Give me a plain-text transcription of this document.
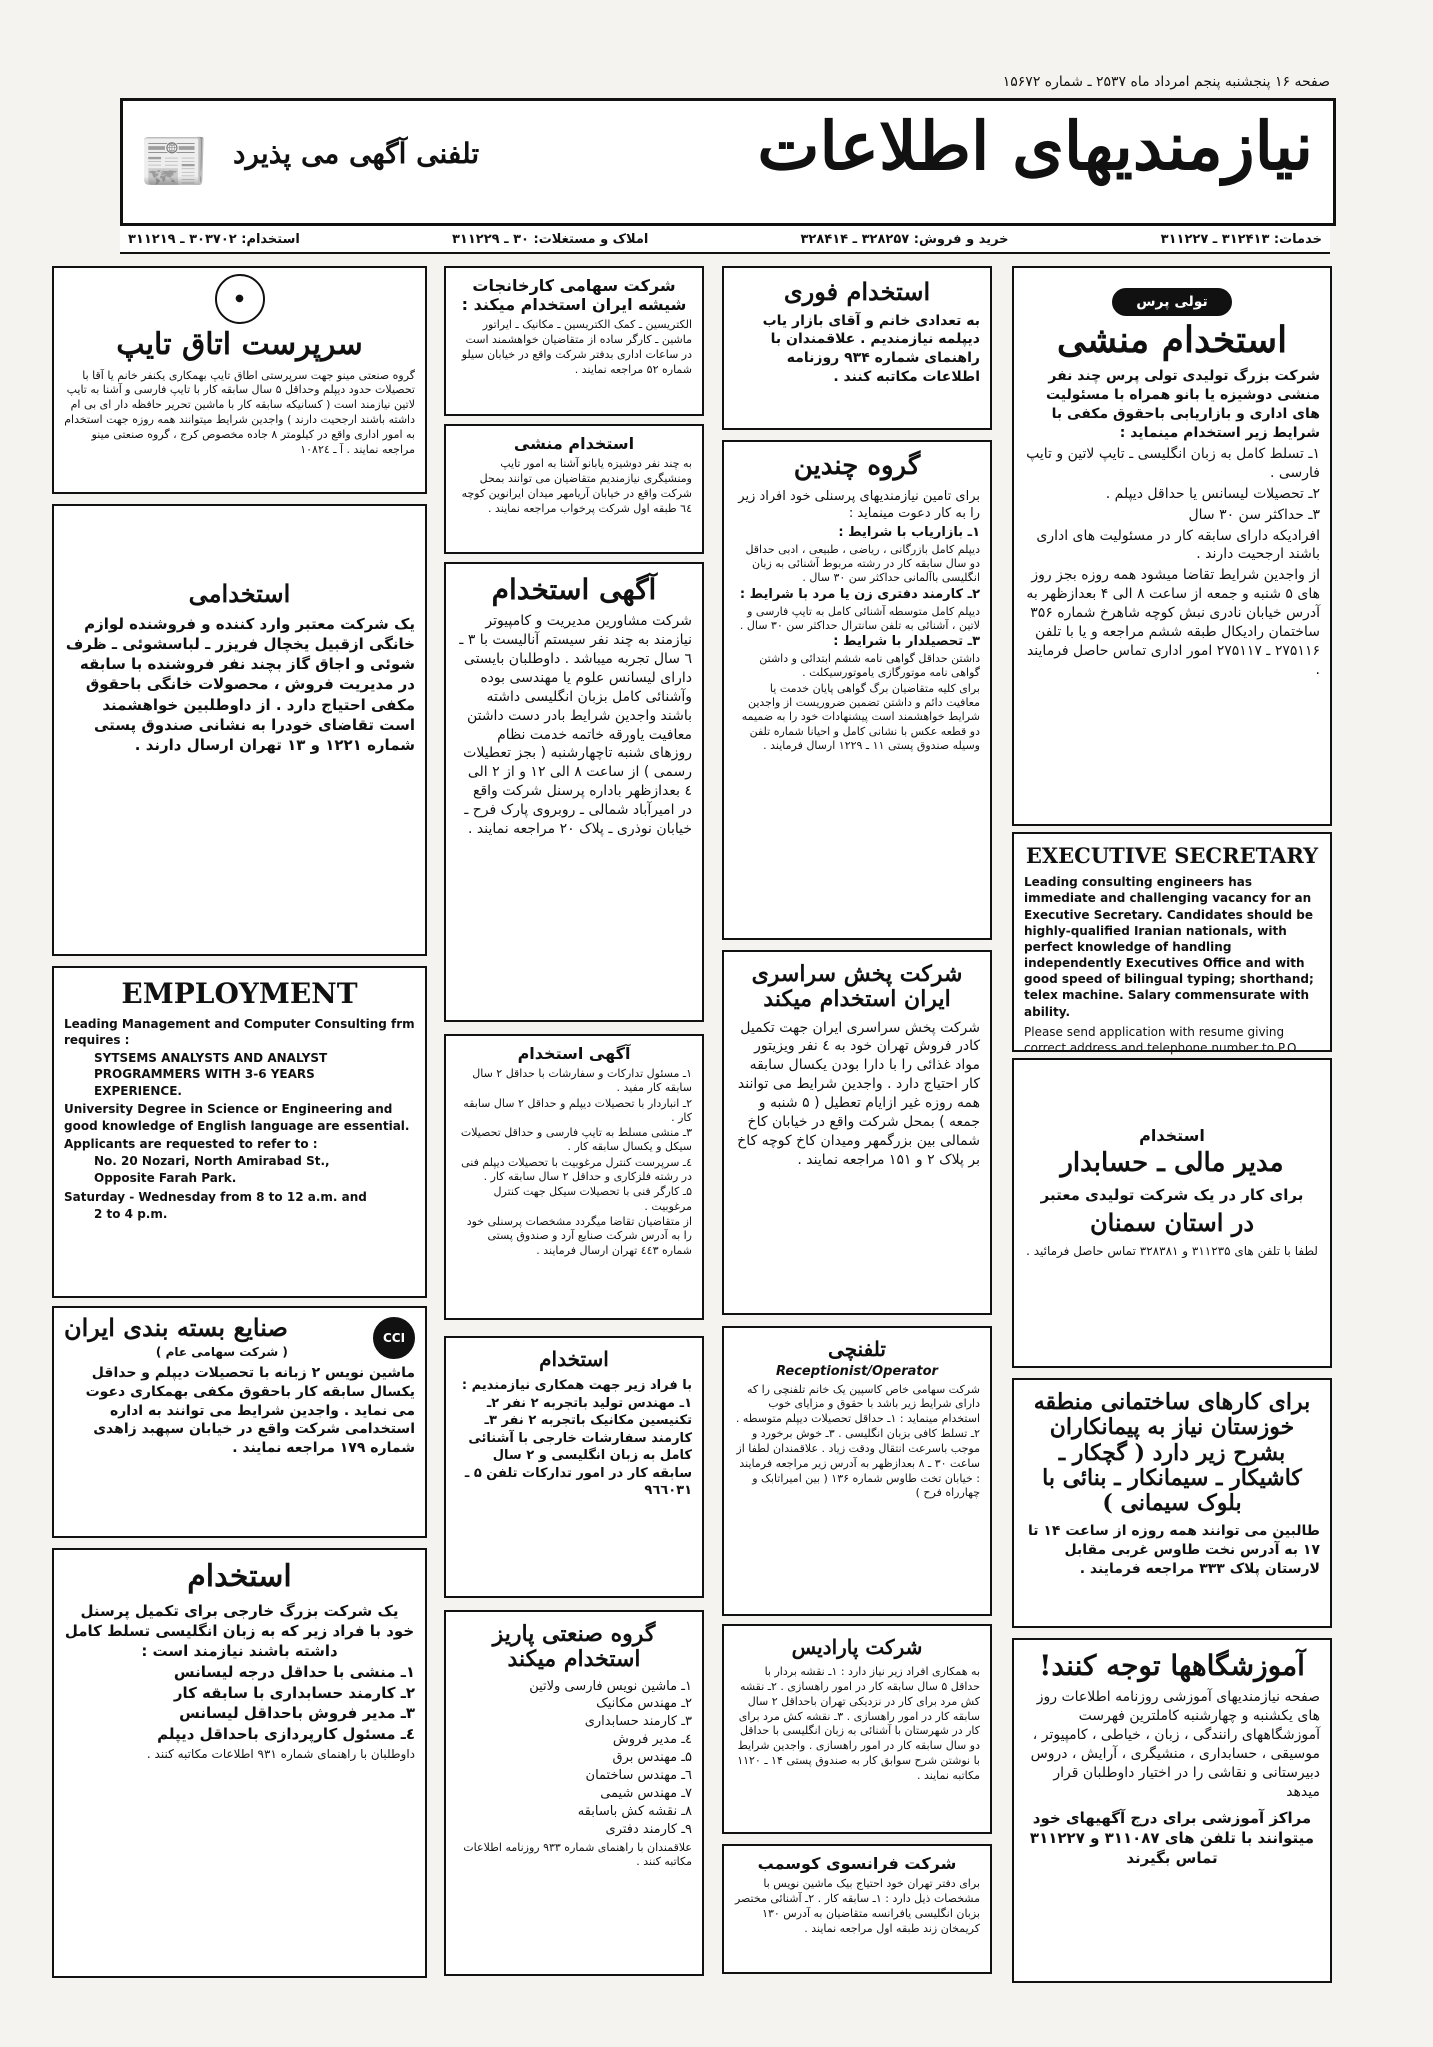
صفحه ۱۶ پنجشنبه پنجم امرداد ماه ۲۵۳۷ ـ شماره ۱۵۶۷۲
نیازمندیهای اطلاعات
تلفنی آگهی می پذیرد
📰
استخدام: ۳۰۳۷۰۲ ـ ۳۱۱۲۱۹	املاک و مستغلات: ۳۰ ـ ۳۱۱۲۲۹	خرید و فروش: ۳۲۸۲۵۷ ـ ۳۲۸۴۱۴	خدمات: ۳۱۲۴۱۳ ـ ۳۱۱۲۲۷
تولی پرس
استخدام منشی

شرکت بزرگ تولیدی تولی پرس چند نفر منشی دوشیزه یا بانو همراه با مسئولیت های اداری و بازاریابی باحقوق مکفی با شرایط زیر استخدام مینماید :

۱ـ تسلط کامل به زبان انگلیسی ـ تایپ لاتین و تایپ فارسی .

۲ـ تحصیلات لیسانس یا حداقل دیپلم .

۳ـ حداکثر سن ۳۰ سال

افرادیکه دارای سابقه کار در مسئولیت های اداری باشند ارجحیت دارند .

از واجدین شرایط تقاضا میشود همه روزه بجز روز های ۵ شنبه و جمعه از ساعت ۸ الی ۴ بعدازظهر به آدرس خیابان نادری نبش کوچه شاهرخ شماره ۳۵۶ ساختمان رادیکال طبقه ششم مراجعه و یا با تلفن ۲۷۵۱۱۶ ـ ۲۷۵۱۱۷ امور اداری تماس حاصل فرمایند .

EXECUTIVE SECRETARY

Leading consulting engineers has immediate and challenging vacancy for an Executive Secretary. Candidates should be highly-qualified Iranian nationals, with perfect knowledge of handling independently Executives Office and with good speed of bilingual typing; shorthand; telex machine. Salary commensurate with ability.

Please send application with resume giving correct address and telephone number to P.O.

استخدام
مدیر مالی ـ حسابدار

برای کار در یک شرکت تولیدی معتبر

در استان سمنان

لطفا با تلفن های ۳۱۱۲۳۵ و ۳۲۸۳۸۱ تماس حاصل فرمائید .

برای کارهای ساختمانی منطقه خوزستان نیاز به پیمانکاران بشرح زیر دارد ( گچکار ـ کاشیکار ـ سیمانکار ـ بنائی با بلوک سیمانی )

طالبین می توانند همه روزه از ساعت ۱۴ تا ۱۷ به آدرس نخت طاوس غربی مقابل لارستان پلاک ۳۳۳ مراجعه فرمایند .

آموزشگاهها توجه کنند!

صفحه نیازمندیهای آموزشی روزنامه اطلاعات روز های یکشنبه و چهارشنبه کاملترین فهرست آموزشگاههای رانندگی ، زبان ، خیاطی ، کامپیوتر ، موسیقی ، حسابداری ، منشیگری ، آرایش ، دروس دبیرستانی و نقاشی را در اختیار داوطلبان قرار میدهد

مراکز آموزشی برای درج آگهیهای خود میتوانند با تلفن های ۳۱۱۰۸۷ و ۳۱۱۲۲۷ تماس بگیرند

استخدام فوری

به تعدادی خانم و آقای بازار یاب دیپلمه نیازمندیم . علاقمندان با راهنمای شماره ۹۳۴ روزنامه اطلاعات مکاتبه کنند .

گروه چندین

برای تامین نیازمندیهای پرسنلی خود افراد زیر را به کار دعوت مینماید :

۱ـ بازاریاب با شرایط :
دیپلم کامل بازرگانی ، ریاضی ، طبیعی ، ادبی حداقل دو سال سابقه کار در رشته مربوط آشنائی به زبان انگلیسی باآلمانی حداکثر سن ۳۰ سال .
۲ـ کارمند دفتری زن یا مرد با شرایط :
دیپلم کامل متوسطه آشنائی کامل به تایپ فارسی و لاتین ، آشنائی به تلفن سانترال حداکثر سن ۳۰ سال .
۳ـ تحصیلدار با شرایط :
داشتن حداقل گواهی نامه ششم ابتدائی و داشتن گواهی نامه موتورگازی یاموتورسیکلت .
برای کلیه متقاضیان برگ گواهی پایان خدمت یا معافیت دائم و داشتن تضمین ضروریست از واجدین شرایط خواهشمند است پیشنهادات خود را به ضمیمه دو قطعه عکس با نشانی کامل و احیانا شماره تلفن وسیله صندوق پستی ۱۱ ـ ۱۲۲۹ ارسال فرمایند .
شرکت پخش سراسری ایران استخدام میکند

شرکت پخش سراسری ایران جهت تکمیل کادر فروش تهران خود به ٤ نفر ویزیتور مواد غذائی را با دارا بودن یکسال سابقه کار احتیاج دارد . واجدین شرایط می توانند همه روزه غیر ازایام تعطیل ( ۵ شنبه و جمعه ) بمحل شرکت واقع در خیابان کاخ شمالی بین بزرگمهر ومیدان کاخ کوچه کاخ بر پلاک ۲ و ۱۵۱ مراجعه نمایند .

تلفنچی

Receptionist/Operator

شرکت سهامی خاص کاسپین یک خانم تلفنچی را که دارای شرایط زیر باشد با حقوق و مزایای خوب استخدام مینماید : ۱ـ حداقل تحصیلات دیپلم متوسطه . ۲ـ تسلط کافی بزبان انگلیسی . ۳ـ خوش برخورد و موجب باسرعت انتقال ودقت زیاد . علاقمندان لطفا از ساعت ۳۰ ـ ۸ بعدازظهر به آدرس زیر مراجعه فرمایند : خیابان تخت طاوس شماره ۱۳۶ ( بین امیراتابک و چهارراه فرح )

شرکت پارادیس

به همکاری افراد زیر نیاز دارد : ۱ـ نقشه بردار با حداقل ۵ سال سابقه کار در امور راهسازی . ۲ـ نقشه کش مرد برای کار در نزدیکی تهران باحداقل ۲ سال سابقه کار در امور راهسازی . ۳ـ نقشه کش مرد برای کار در شهرستان با آشنائی به زبان انگلیسی با حداقل دو سال سابقه کار در امور راهسازی . واجدین شرایط با نوشتن شرح سوابق کار به صندوق پستی ۱۴ ـ ۱۱۲۰ مکاتبه نمایند .

شرکت فرانسوی کوسمب

برای دفتر تهران خود احتیاج بیک ماشین نویس با مشخصات ذیل دارد : ۱ـ سابقه کار . ۲ـ آشنائی مختصر بزبان انگلیسی یافرانسه متقاضیان به آدرس ۱۳۰ کریمخان زند طبقه اول مراجعه نمایند .

شرکت سهامی کارخانجات شیشه ایران استخدام میکند :

الکتریسین ـ کمک الکتریسین ـ مکانیک ـ ایراتور ماشین ـ کارگر ساده از متقاضیان خواهشمند است در ساعات اداری بدفتر شرکت واقع در خیابان سیلو شماره ۵۲ مراجعه نمایند .

استخدام منشی

به چند نفر دوشیزه یابانو آشنا به امور تایپ ومنشیگری نیازمندیم متقاضیان می توانند بمحل شرکت واقع در خیابان آریامهر میدان ایرانوین کوچه ٦٤ طبقه اول شرکت پرخواب مراجعه نمایند .

آگهی استخدام

شرکت مشاورین مدیریت و کامپیوتر نیازمند به چند نفر سیستم آنالیست با ۳ ـ ٦ سال تجربه میباشد . داوطلبان بایستی دارای لیسانس علوم یا مهندسی بوده وآشنائی کامل بزبان انگلیسی داشته باشند واجدین شرایط بادر دست داشتن معافیت یاورقه خاتمه خدمت نظام روزهای شنبه تاچهارشنبه ( بجز تعطیلات رسمی ) از ساعت ۸ الی ۱۲ و از ۲ الی ٤ بعدازظهر باداره پرسنل شرکت واقع در امیرآباد شمالی ـ روبروی پارک فرح ـ خیابان نوذری ـ پلاک ۲۰ مراجعه نمایند .

آگهی استخدام
۱ـ مسئول تدارکات و سفارشات با حداقل ۲ سال سابقه کار مفید .
۲ـ انباردار با تحصیلات دیپلم و حداقل ۲ سال سابقه کار .
۳ـ منشی مسلط به تایپ فارسی و حداقل تحصیلات سیکل و یکسال سابقه کار .
٤ـ سرپرست کنترل مرغوبیت با تحصیلات دیپلم فنی در رشته فلزکاری و حداقل ۲ سال سابقه کار .
۵ـ کارگر فنی با تحصیلات سیکل جهت کنترل مرغوبیت .
از متقاضیان تقاضا میگردد مشخصات پرسنلی خود را به آدرس شرکت صنایع آرد و صندوق پستی شماره ٤٤٣ تهران ارسال فرمایند .
استخدام

با فراد زیر جهت همکاری نیازمندیم : ۱ـ مهندس تولید باتجربه ۲ نفر ۲ـ تکنیسین مکانیک باتجربه ۲ نفر ۳ـ کارمند سفارشات خارجی با آشنائی کامل به زبان انگلیسی و ۲ سال سابقه کار در امور تدارکات تلفن ۵ ـ ۹٦٦۰۳۱

گروه صنعتی پاریز استخدام میکند
۱ـ ماشین نویس فارسی ولاتین
۲ـ مهندس مکانیک
۳ـ کارمند حسابداری
٤ـ مدیر فروش
۵ـ مهندس برق
٦ـ مهندس ساختمان
۷ـ مهندس شیمی
۸ـ نقشه کش باسابقه
۹ـ کارمند دفتری

علاقمندان با راهنمای شماره ۹۳۳ روزنامه اطلاعات مکاتبه کنند .

●
سرپرست اتاق تایپ

گروه صنعتی مینو جهت سرپرستی اطاق تایپ بهمکاری یکنفر خانم یا آقا با تحصیلات حدود دیپلم وحداقل ۵ سال سابقه کار با تایپ فارسی و آشنا به تایپ لاتین نیازمند است ( کسانیکه سابقه کار با ماشین تحریر حافظه دار ای بی ام داشته باشند ارجحیت دارند ) واجدین شرایط میتوانند همه روزه جهت استخدام به امور اداری واقع در کیلومتر ۸ جاده مخصوص کرج ، گروه صنعتی مینو مراجعه نمایند . آ ـ ۱۰۸۲٤

استخدامی

یک شرکت معتبر وارد کننده و فروشنده لوازم خانگی ازقبیل یخچال فریزر ـ لباسشوئی ـ ظرف شوئی و اجاق گاز بچند نفر فروشنده با سابقه در مدیریت فروش ، محصولات خانگی باحقوق مکفی احتیاج دارد . از داوطلبین خواهشمند است تقاضای خودرا به نشانی صندوق پستی شماره ۱۲۲۱ و ۱۳ تهران ارسال دارند .

EMPLOYMENT

Leading Management and Computer Consulting frm requires :

SYTSEMS ANALYSTS AND ANALYST
PROGRAMMERS WITH 3-6 YEARS
EXPERIENCE.

University Degree in Science or Engineering and good knowledge of English language are essential.

Applicants are requested to refer to :

No. 20 Nozari, North Amirabad St.,
Opposite Farah Park.
Saturday - Wednesday from 8 to 12 a.m. and
2 to 4 p.m.
صنایع بسته بندی ایران

( شرکت سهامی عام )

CCI

ماشین نویس ۲ زبانه با تحصیلات دیپلم و حداقل یکسال سابقه کار باحقوق مکفی بهمکاری دعوت می نماید . واجدین شرایط می توانند به اداره استخدامی شرکت واقع در خیابان سپهبد زاهدی شماره ۱۷۹ مراجعه نمایند .

استخدام

یک شرکت بزرگ خارجی برای تکمیل پرسنل خود با فراد زیر که به زبان انگلیسی تسلط کامل داشته باشند نیازمند است :

۱ـ منشی با حداقل درجه لیسانس
۲ـ کارمند حسابداری با سابقه کار
۳ـ مدیر فروش باحداقل لیسانس
٤ـ مسئول کارپردازی باحداقل دیپلم

داوطلبان با راهنمای شماره ۹۳۱ اطلاعات مکاتبه کنند .
